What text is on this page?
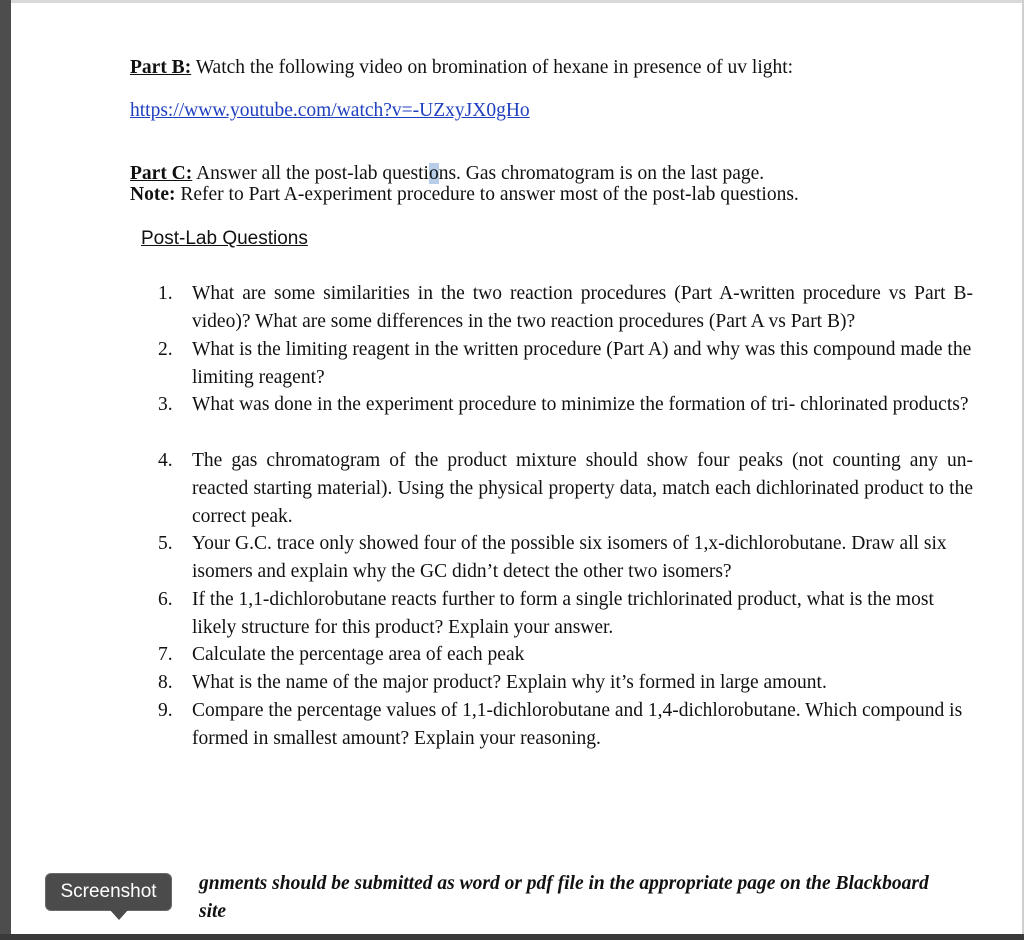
Part B: Watch the following video on bromination of hexane in presence of uv light:
https://www.youtube.com/watch?v=-UZxyJX0gHo
Part C: Answer all the post-lab questions. Gas chromatogram is on the last page.
Note: Refer to Part A-experiment procedure to answer most of the post-lab questions.
Post-Lab Questions
1. What are some similarities in the two reaction procedures (Part A-written procedure vs Part B-video)? What are some differences in the two reaction procedures (Part A vs Part B)?
2. What is the limiting reagent in the written procedure (Part A) and why was this compound made the limiting reagent?
3. What was done in the experiment procedure to minimize the formation of tri- chlorinated products?
4. The gas chromatogram of the product mixture should show four peaks (not counting any un- reacted starting material). Using the physical property data, match each dichlorinated product to the correct peak.
5. Your G.C. trace only showed four of the possible six isomers of 1,x-dichlorobutane. Draw all six isomers and explain why the GC didn’t detect the other two isomers?
6. If the 1,1-dichlorobutane reacts further to form a single trichlorinated product, what is the most likely structure for this product? Explain your answer.
7. Calculate the percentage area of each peak
8. What is the name of the major product? Explain why it’s formed in large amount.
9. Compare the percentage values of 1,1-dichlorobutane and 1,4-dichlorobutane. Which compound is formed in smallest amount? Explain your reasoning.
gnments should be submitted as word or pdf file in the appropriate page on the Blackboard
site
Screenshot
